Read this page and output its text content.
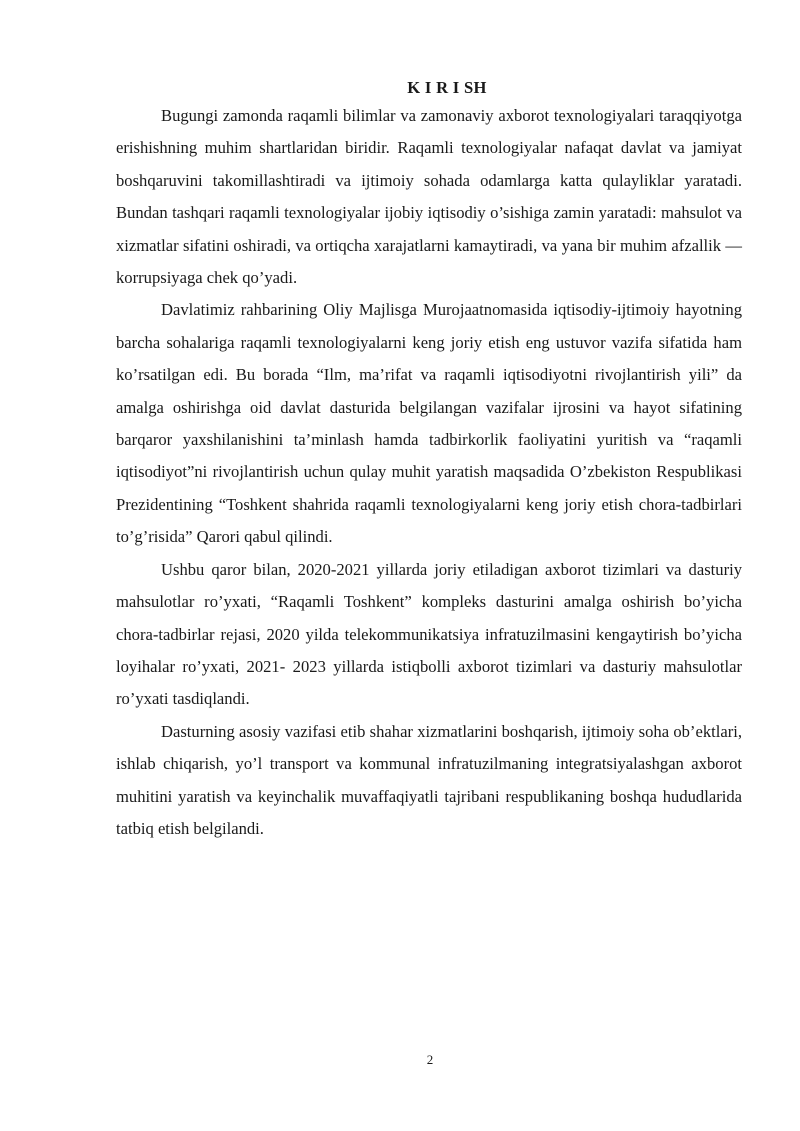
K I R I SH

Bugungi zamonda raqamli bilimlar va zamonaviy axborot texnologiyalari taraqqiyotga erishishning muhim shartlaridan biridir. Raqamli texnologiyalar nafaqat davlat va jamiyat boshqaruvini takomillashtiradi va ijtimoiy sohada odamlarga katta qulayliklar yaratadi. Bundan tashqari raqamli texnologiyalar ijobiy iqtisodiy o’sishiga zamin yaratadi: mahsulot va xizmatlar sifatini oshiradi, va ortiqcha xarajatlarni kamaytiradi, va yana bir muhim afzallik — korrupsiyaga chek qo’yadi.

Davlatimiz rahbarining Oliy Majlisga Murojaatnomasida iqtisodiy-ijtimoiy hayotning barcha sohalariga raqamli texnologiyalarni keng joriy etish eng ustuvor vazifa sifatida ham ko’rsatilgan edi. Bu borada “Ilm, ma’rifat va raqamli iqtisodiyotni rivojlantirish yili” da amalga oshirishga oid davlat dasturida belgilangan vazifalar ijrosini va hayot sifatining barqaror yaxshilanishini ta’minlash hamda tadbirkorlik faoliyatini yuritish va “raqamli iqtisodiyot”ni rivojlantirish uchun qulay muhit yaratish maqsadida O’zbekiston Respublikasi Prezidentining “Toshkent shahrida raqamli texnologiyalarni keng joriy etish chora-tadbirlari to’g’risida” Qarori qabul qilindi.

Ushbu qaror bilan, 2020-2021 yillarda joriy etiladigan axborot tizimlari va dasturiy mahsulotlar ro’yxati, “Raqamli Toshkent” kompleks dasturini amalga oshirish bo’yicha chora-tadbirlar rejasi, 2020 yilda telekommunikatsiya infratuzilmasini kengaytirish bo’yicha loyihalar ro’yxati, 2021- 2023 yillarda istiqbolli axborot tizimlari va dasturiy mahsulotlar ro’yxati tasdiqlandi.

Dasturning asosiy vazifasi etib shahar xizmatlarini boshqarish, ijtimoiy soha ob’ektlari, ishlab chiqarish, yo’l transport va kommunal infratuzilmaning integratsiyalashgan axborot muhitini yaratish va keyinchalik muvaffaqiyatli tajribani respublikaning boshqa hududlarida tatbiq etish belgilandi.

2
